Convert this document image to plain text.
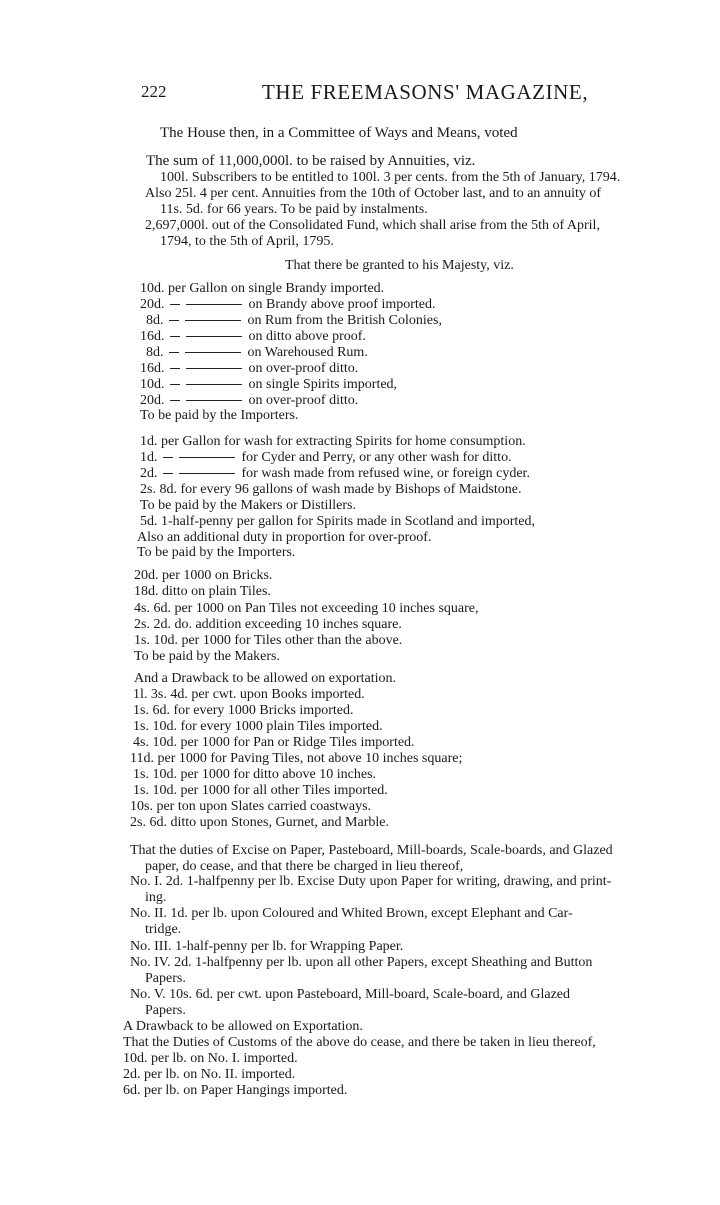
222	THE FREEMASONS' MAGAZINE,
The House then, in a Committee of Ways and Means, voted
The sum of 11,000,000l. to be raised by Annuities, viz.
100l. Subscribers to be entitled to 100l. 3 per cents. from the 5th of January, 1794.
Also 25l. 4 per cent. Annuities from the 10th of October last, and to an annuity of
11s. 5d. for 66 years. To be paid by instalments.
2,697,000l. out of the Consolidated Fund, which shall arise from the 5th of April,
1794, to the 5th of April, 1795.
That there be granted to his Majesty, viz.
10d. per Gallon on single Brandy imported.
20d.	on Brandy above proof imported.
8d.	on Rum from the British Colonies,
16d.	on ditto above proof.
8d.	on Warehoused Rum.
16d.	on over-proof ditto.
10d.	on single Spirits imported,
20d.	on over-proof ditto.
To be paid by the Importers.
1d. per Gallon for wash for extracting Spirits for home consumption.
1d.	for Cyder and Perry, or any other wash for ditto.
2d.	for wash made from refused wine, or foreign cyder.
2s. 8d. for every 96 gallons of wash made by Bishops of Maidstone.
To be paid by the Makers or Distillers.
5d. 1-half-penny per gallon for Spirits made in Scotland and imported,
Also an additional duty in proportion for over-proof.
To be paid by the Importers.
20d. per 1000 on Bricks.
18d. ditto on plain Tiles.
4s. 6d. per 1000 on Pan Tiles not exceeding 10 inches square,
2s. 2d. do. addition exceeding 10 inches square.
1s. 10d. per 1000 for Tiles other than the above.
To be paid by the Makers.
And a Drawback to be allowed on exportation.
1l. 3s. 4d. per cwt. upon Books imported.
1s. 6d. for every 1000 Bricks imported.
1s. 10d. for every 1000 plain Tiles imported.
4s. 10d. per 1000 for Pan or Ridge Tiles imported.
11d. per 1000 for Paving Tiles, not above 10 inches square;
1s. 10d. per 1000 for ditto above 10 inches.
1s. 10d. per 1000 for all other Tiles imported.
10s. per ton upon Slates carried coastways.
2s. 6d. ditto upon Stones, Gurnet, and Marble.
That the duties of Excise on Paper, Pasteboard, Mill-boards, Scale-boards, and Glazed
paper, do cease, and that there be charged in lieu thereof,
No. I. 2d. 1-halfpenny per lb. Excise Duty upon Paper for writing, drawing, and print-
ing.
No. II. 1d. per lb. upon Coloured and Whited Brown, except Elephant and Car-
tridge.
No. III. 1-half-penny per lb. for Wrapping Paper.
No. IV. 2d. 1-halfpenny per lb. upon all other Papers, except Sheathing and Button
Papers.
No. V. 10s. 6d. per cwt. upon Pasteboard, Mill-board, Scale-board, and Glazed
Papers.
A Drawback to be allowed on Exportation.
That the Duties of Customs of the above do cease, and there be taken in lieu thereof,
10d. per lb. on No. I. imported.
2d. per lb. on No. II. imported.
6d. per lb. on Paper Hangings imported.
